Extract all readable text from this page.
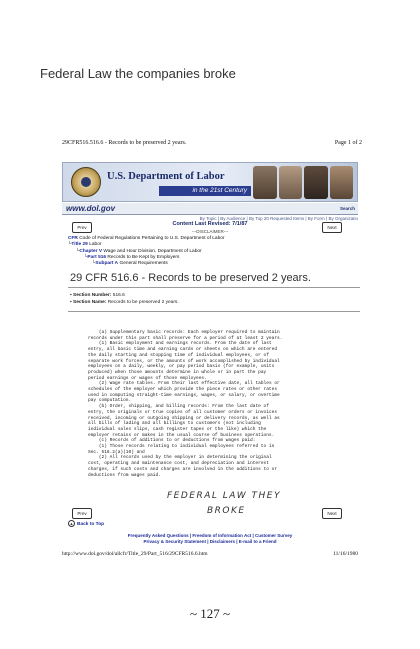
Federal Law the companies broke
29CFR516.516.6 - Records to be preserved 2 years.	Page 1 of 2
U.S. Department of Labor
in the 21st Century
www.dol.gov	Search
By Topic | By Audience | By Top 20 Requested Items | By Form | By Organizatio
Prev	Next
Content Last Revised: 7/1/87
---DISCLAIMER---
CFR Code of Federal Regulations Pertaining to U.S. Department of Labor
└Title 29 Labor
└Chapter V Wage and Hour Division, Department of Labor
└Part 516 Records to Be Kept by Employers
└Subpart A General Requirements
29 CFR 516.6 - Records to be preserved 2 years.
▪ Section Number: 516.6
▪ Section Name: Records to be preserved 2 years.
(a) Supplementary basic records: Each employer required to maintain
records under this part shall preserve for a period of at least 2 years.
(1) Basic employment and earnings records. From the date of last
entry, all basic time and earning cards or sheets on which are entered
the daily starting and stopping time of individual employees, or of
separate work forces, or the amounts of work accomplished by individual
employees on a daily, weekly, or pay period basis (for example, units
produced) when those amounts determine in whole or in part the pay
period earnings or wages of those employees.
(2) Wage rate tables. From their last effective date, all tables or
schedules of the employer which provide the piece rates or other rates
used in computing straight-time earnings, wages, or salary, or overtime
pay computation.
(b) Order, shipping, and billing records: From the last date of
entry, the originals or true copies of all customer orders or invoices
received, incoming or outgoing shipping or delivery records, as well as
all bills of lading and all billings to customers (not including
individual sales slips, cash register tapes or the like) which the
employer retains or makes in the usual course of business operations.
(c) Records of additions to or deductions from wages paid:
(1) Those records relating to individual employees referred to in
Sec. 516.2(a)(10) and
(2) All records used by the employer in determining the original
cost, operating and maintenance cost, and depreciation and interest
charges, if such costs and charges are involved in the additions to or
deductions from wages paid.
FEDERAL LAW THEY
BROKE
Prev	Next
▲ Back to Top
Frequently Asked Questions | Freedom of Information Act | Customer Survey
Privacy & Security Statement | Disclaimers | E-mail to a Friend
http://www.dol.gov/dol/allcfr/Title_29/Part_516/29CFR516.6.htm	11/16/1980
~ 127 ~
